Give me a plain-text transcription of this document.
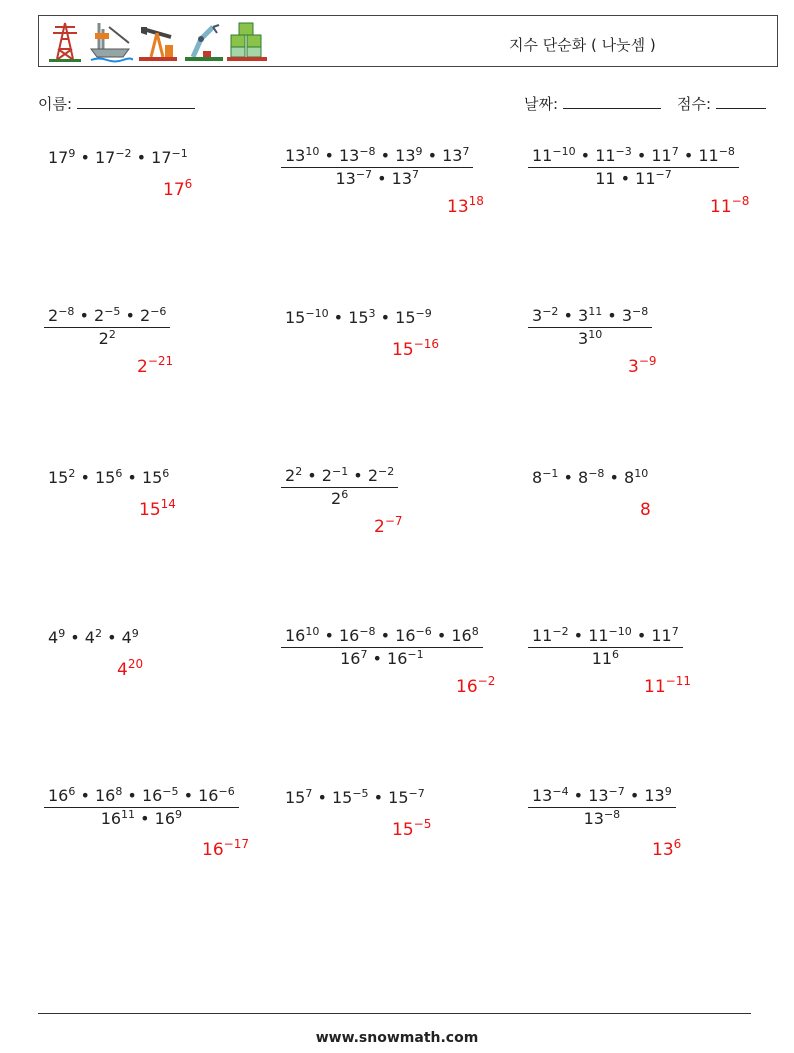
지수 단순화 ( 나눗셈 )
이름:	날짜:	점수:
$17^9$ • $17^{-2}$ • $17^{-1}$
$17^6$	$\frac{13^{10} • 13^{-8} • 13^9 • 13^7}{13^{-7} • 13^7}$
$13^{18}$
$\frac{11^{-10} • 11^{-3} • 11^7 • 11^{-8}}{11 • 11^{-7}}$
$11^{-8}$
$\frac{2^{-8} • 2^{-5} • 2^{-6}}{2^2}$
$2^{-21}$
$15^{-10}$ • $15^3$ • $15^{-9}$
$15^{-16}$	$\frac{3^{-2} • 3^{11} • 3^{-8}}{3^{10}}$
$3^{-9}$
$15^2$ • $15^6$ • $15^6$
$15^{14}$	$\frac{2^2 • 2^{-1} • 2^{-2}}{2^6}$
$2^{-7}$
$8^{-1}$ • $8^{-8}$ • $8^{10}$
8
$4^9$ • $4^2$ • $4^9$
$4^{20}$	$\frac{16^{10} • 16^{-8} • 16^{-6} • 16^8}{16^7 • 16^{-1}}$
$16^{-2}$
$\frac{11^{-2} • 11^{-10} • 11^7}{11^6}$
$11^{-11}$
$\frac{16^6 • 16^8 • 16^{-5} • 16^{-6}}{16^{11} • 16^9}$
$16^{-17}$
$15^7$ • $15^{-5}$ • $15^{-7}$
$15^{-5}$	$\frac{13^{-4} • 13^{-7} • 13^9}{13^{-8}}$
$13^6$
www.snowmath.com
